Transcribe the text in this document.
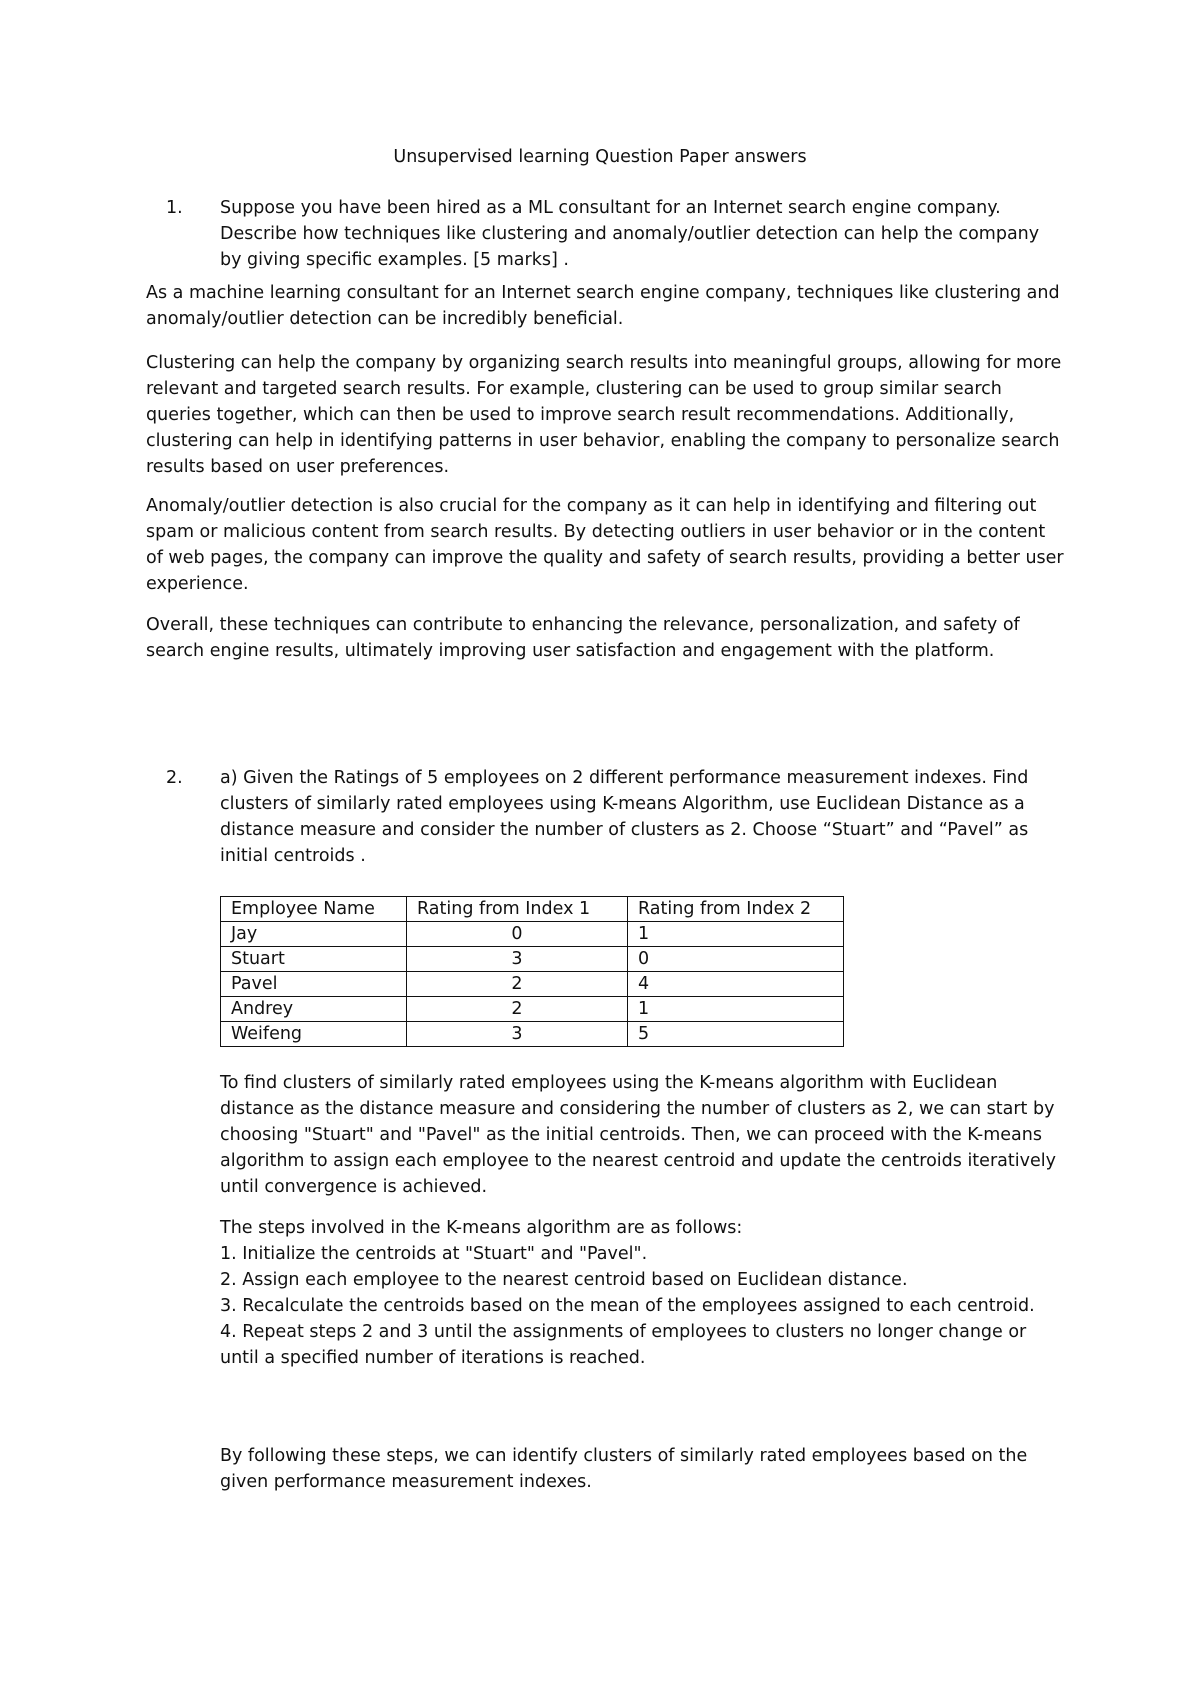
Unsupervised learning Question Paper answers
1. Suppose you have been hired as a ML consultant for an Internet search engine company. Describe how techniques like clustering and anomaly/outlier detection can help the company by giving specific examples. [5 marks] .

As a machine learning consultant for an Internet search engine company, techniques like clustering and anomaly/outlier detection can be incredibly beneficial.

Clustering can help the company by organizing search results into meaningful groups, allowing for more relevant and targeted search results. For example, clustering can be used to group similar search queries together, which can then be used to improve search result recommendations. Additionally, clustering can help in identifying patterns in user behavior, enabling the company to personalize search results based on user preferences.

Anomaly/outlier detection is also crucial for the company as it can help in identifying and filtering out spam or malicious content from search results. By detecting outliers in user behavior or in the content of web pages, the company can improve the quality and safety of search results, providing a better user experience.

Overall, these techniques can contribute to enhancing the relevance, personalization, and safety of search engine results, ultimately improving user satisfaction and engagement with the platform.

2. a) Given the Ratings of 5 employees on 2 different performance measurement indexes. Find clusters of similarly rated employees using K-means Algorithm, use Euclidean Distance as a distance measure and consider the number of clusters as 2. Choose “Stuart” and “Pavel” as initial centroids .
Employee Name	Rating from Index 1	Rating from Index 2
Jay	0	1
Stuart	3	0
Pavel	2	4
Andrey	2	1
Weifeng	3	5

To find clusters of similarly rated employees using the K-means algorithm with Euclidean distance as the distance measure and considering the number of clusters as 2, we can start by choosing "Stuart" and "Pavel" as the initial centroids. Then, we can proceed with the K-means algorithm to assign each employee to the nearest centroid and update the centroids iteratively until convergence is achieved.

The steps involved in the K-means algorithm are as follows:
1. Initialize the centroids at "Stuart" and "Pavel".
2. Assign each employee to the nearest centroid based on Euclidean distance.
3. Recalculate the centroids based on the mean of the employees assigned to each centroid.
4. Repeat steps 2 and 3 until the assignments of employees to clusters no longer change or until a specified number of iterations is reached.

By following these steps, we can identify clusters of similarly rated employees based on the given performance measurement indexes.
